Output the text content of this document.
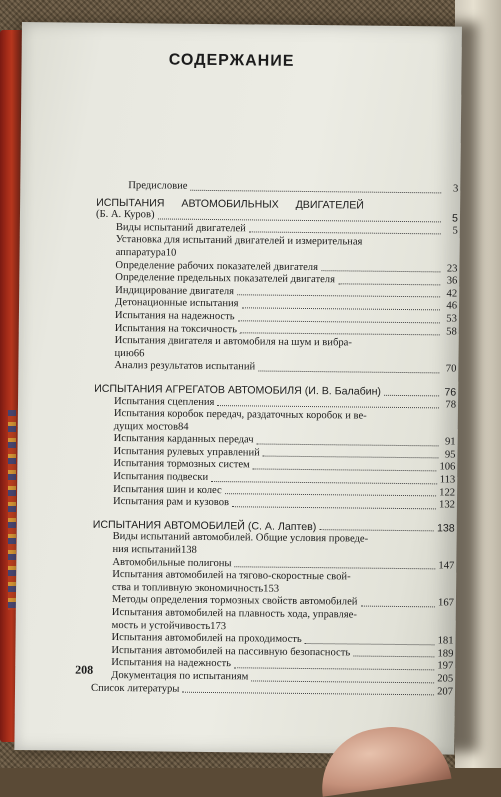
СОДЕРЖАНИЕ
Предисловие	3
ИСПЫТАНИЯ АВТОМОБИЛЬНЫХ ДВИГАТЕЛЕЙ
(Б. А. Куров)	5
Виды испытаний двигателей	5
Установка для испытаний двигателей и измерительная
аппаратура 10
Определение рабочих показателей двигателя	23
Определение предельных показателей двигателя	36
Индицирование двигателя	42
Детонационные испытания	46
Испытания на надежность	53
Испытания на токсичность	58
Испытания двигателя и автомобиля на шум и вибра-
цию 66
Анализ результатов испытаний	70
ИСПЫТАНИЯ АГРЕГАТОВ АВТОМОБИЛЯ (И. В. Балабин)	76
Испытания сцепления	78
Испытания коробок передач, раздаточных коробок и ве-
дущих мостов 84
Испытания карданных передач	91
Испытания рулевых управлений	95
Испытания тормозных систем	106
Испытания подвески	113
Испытания шин и колес	122
Испытания рам и кузовов	132
ИСПЫТАНИЯ АВТОМОБИЛЕЙ (С. А. Лаптев)	138
Виды испытаний автомобилей. Общие условия проведе-
ния испытаний 138
Автомобильные полигоны	147
Испытания автомобилей на тягово-скоростные свой-
ства и топливную экономичность 153
Методы определения тормозных свойств автомобилей	167
Испытания автомобилей на плавность хода, управляе-
мость и устойчивость 173
Испытания автомобилей на проходимость	181
Испытания автомобилей на пассивную безопасность	189
Испытания на надежность	197
Документация по испытаниям	205
Список литературы	207
208
